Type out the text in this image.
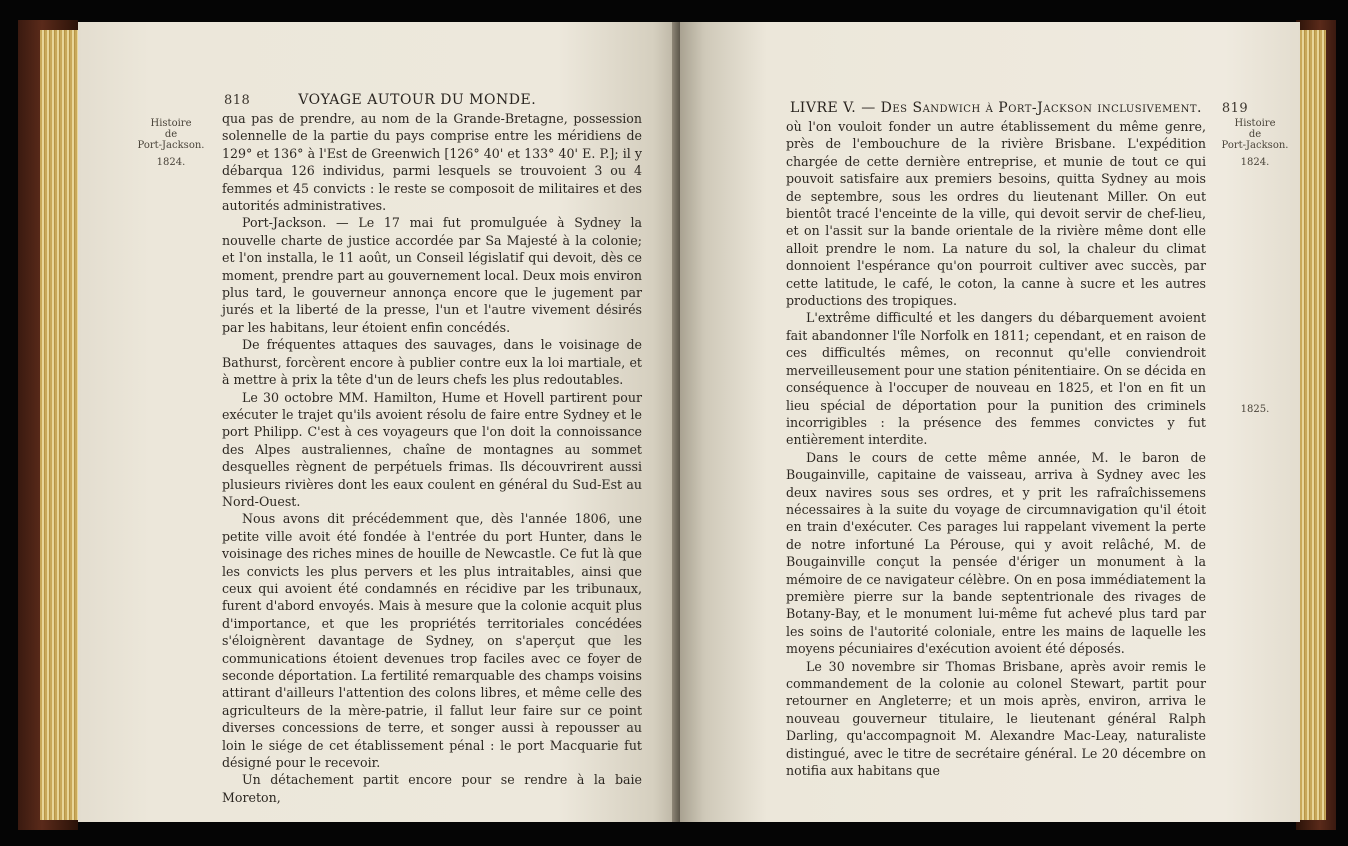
818	VOYAGE AUTOUR DU MONDE.
Histoire
de
Port-Jackson.
1824.

qua pas de prendre, au nom de la Grande-Bretagne, possession solennelle de la partie du pays comprise entre les méridiens de 129° et 136° à l'Est de Greenwich [126° 40' et 133° 40' E. P.]; il y débarqua 126 individus, parmi lesquels se trouvoient 3 ou 4 femmes et 45 convicts : le reste se composoit de militaires et des autorités administratives.

Port-Jackson. — Le 17 mai fut promulguée à Sydney la nouvelle charte de justice accordée par Sa Majesté à la colonie; et l'on installa, le 11 août, un Conseil législatif qui devoit, dès ce moment, prendre part au gouvernement local. Deux mois environ plus tard, le gouverneur annonça encore que le jugement par jurés et la liberté de la presse, l'un et l'autre vivement désirés par les habitans, leur étoient enfin concédés.

De fréquentes attaques des sauvages, dans le voisinage de Bathurst, forcèrent encore à publier contre eux la loi martiale, et à mettre à prix la tête d'un de leurs chefs les plus redoutables.

Le 30 octobre MM. Hamilton, Hume et Hovell partirent pour exécuter le trajet qu'ils avoient résolu de faire entre Sydney et le port Philipp. C'est à ces voyageurs que l'on doit la connoissance des Alpes australiennes, chaîne de montagnes au sommet desquelles règnent de perpétuels frimas. Ils découvrirent aussi plusieurs rivières dont les eaux coulent en général du Sud-Est au Nord-Ouest.

Nous avons dit précédemment que, dès l'année 1806, une petite ville avoit été fondée à l'entrée du port Hunter, dans le voisinage des riches mines de houille de Newcastle. Ce fut là que les convicts les plus pervers et les plus intraitables, ainsi que ceux qui avoient été condamnés en récidive par les tribunaux, furent d'abord envoyés. Mais à mesure que la colonie acquit plus d'importance, et que les propriétés territoriales concédées s'éloignèrent davantage de Sydney, on s'aperçut que les communications étoient devenues trop faciles avec ce foyer de seconde déportation. La fertilité remarquable des champs voisins attirant d'ailleurs l'attention des colons libres, et même celle des agriculteurs de la mère-patrie, il fallut leur faire sur ce point diverses concessions de terre, et songer aussi à repousser au loin le siége de cet établissement pénal : le port Macquarie fut désigné pour le recevoir.

Un détachement partit encore pour se rendre à la baie Moreton,

LIVRE V. — Des Sandwich à Port-Jackson inclusivement. 819
Histoire
de
Port-Jackson.
1824.
1825.

où l'on vouloit fonder un autre établissement du même genre, près de l'embouchure de la rivière Brisbane. L'expédition chargée de cette dernière entreprise, et munie de tout ce qui pouvoit satisfaire aux premiers besoins, quitta Sydney au mois de septembre, sous les ordres du lieutenant Miller. On eut bientôt tracé l'enceinte de la ville, qui devoit servir de chef-lieu, et on l'assit sur la bande orientale de la rivière même dont elle alloit prendre le nom. La nature du sol, la chaleur du climat donnoient l'espérance qu'on pourroit cultiver avec succès, par cette latitude, le café, le coton, la canne à sucre et les autres productions des tropiques.

L'extrême difficulté et les dangers du débarquement avoient fait abandonner l'île Norfolk en 1811; cependant, et en raison de ces difficultés mêmes, on reconnut qu'elle conviendroit merveilleusement pour une station pénitentiaire. On se décida en conséquence à l'occuper de nouveau en 1825, et l'on en fit un lieu spécial de déportation pour la punition des criminels incorrigibles : la présence des femmes convictes y fut entièrement interdite.

Dans le cours de cette même année, M. le baron de Bougainville, capitaine de vaisseau, arriva à Sydney avec les deux navires sous ses ordres, et y prit les rafraîchissemens nécessaires à la suite du voyage de circumnavigation qu'il étoit en train d'exécuter. Ces parages lui rappelant vivement la perte de notre infortuné La Pérouse, qui y avoit relâché, M. de Bougainville conçut la pensée d'ériger un monument à la mémoire de ce navigateur célèbre. On en posa immédiatement la première pierre sur la bande septentrionale des rivages de Botany-Bay, et le monument lui-même fut achevé plus tard par les soins de l'autorité coloniale, entre les mains de laquelle les moyens pécuniaires d'exécution avoient été déposés.

Le 30 novembre sir Thomas Brisbane, après avoir remis le commandement de la colonie au colonel Stewart, partit pour retourner en Angleterre; et un mois après, environ, arriva le nouveau gouverneur titulaire, le lieutenant général Ralph Darling, qu'accompagnoit M. Alexandre Mac-Leay, naturaliste distingué, avec le titre de secrétaire général. Le 20 décembre on notifia aux habitans que
